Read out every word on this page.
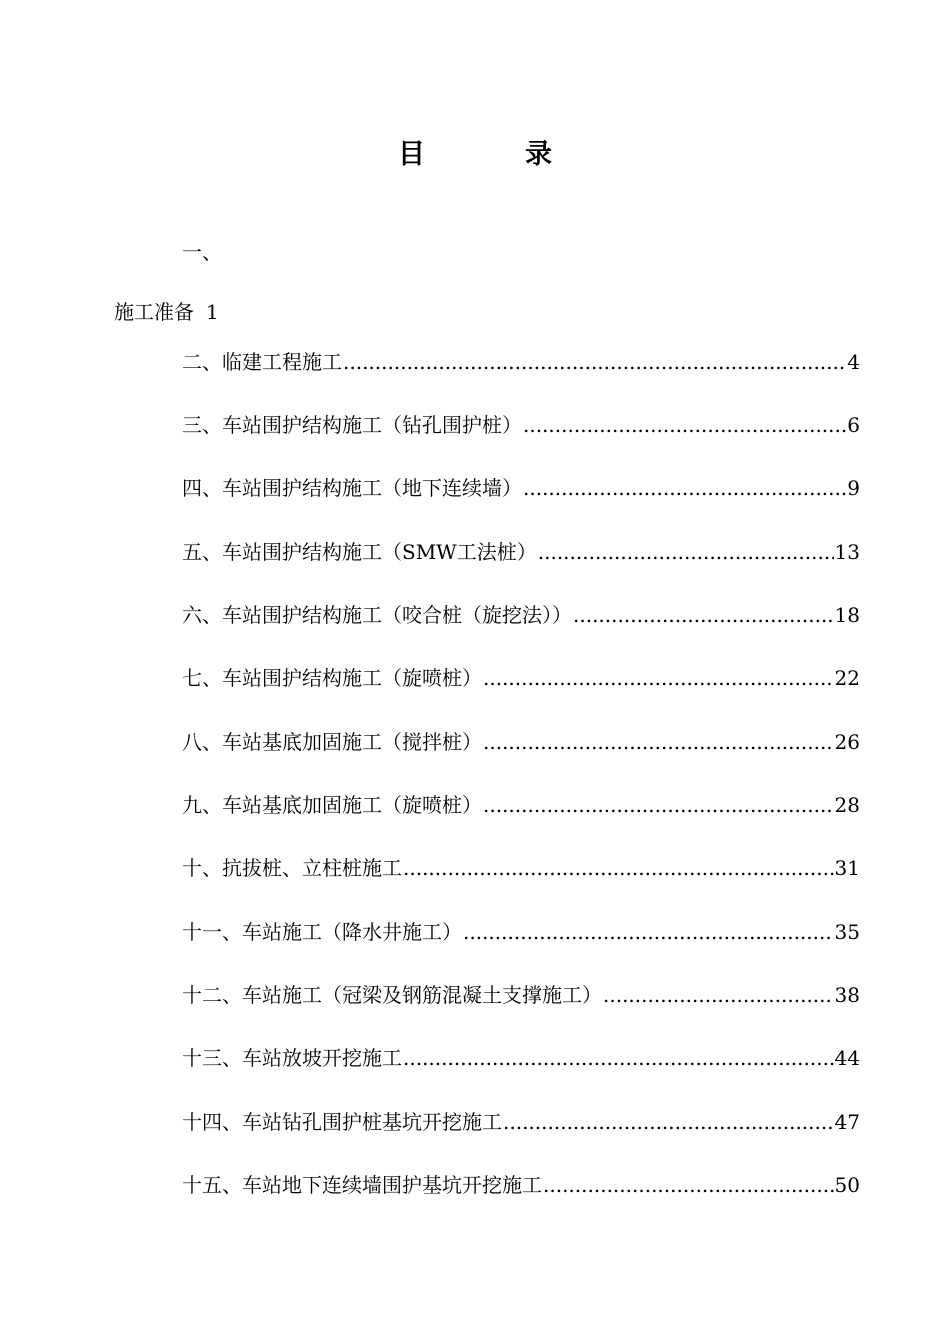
目	录
一、
施工准备 1
二、临建工程施工 .....	4
三、车站围护结构施工（钻孔围护桩） .....	6
四、车站围护结构施工（地下连续墙） .....	9
五、车站围护结构施工（SMW工法桩） .....	13
六、车站围护结构施工（咬合桩（旋挖法）） .....	18
七、车站围护结构施工（旋喷桩） .....	22
八、车站基底加固施工（搅拌桩） .....	26
九、车站基底加固施工（旋喷桩） .....	28
十、抗拔桩、立柱桩施工 .....	31
十一、车站施工（降水井施工） .....	35
十二、车站施工（冠梁及钢筋混凝土支撑施工） .....	38
十三、车站放坡开挖施工 .....	44
十四、车站钻孔围护桩基坑开挖施工 .....	47
十五、车站地下连续墙围护基坑开挖施工 .....	50
